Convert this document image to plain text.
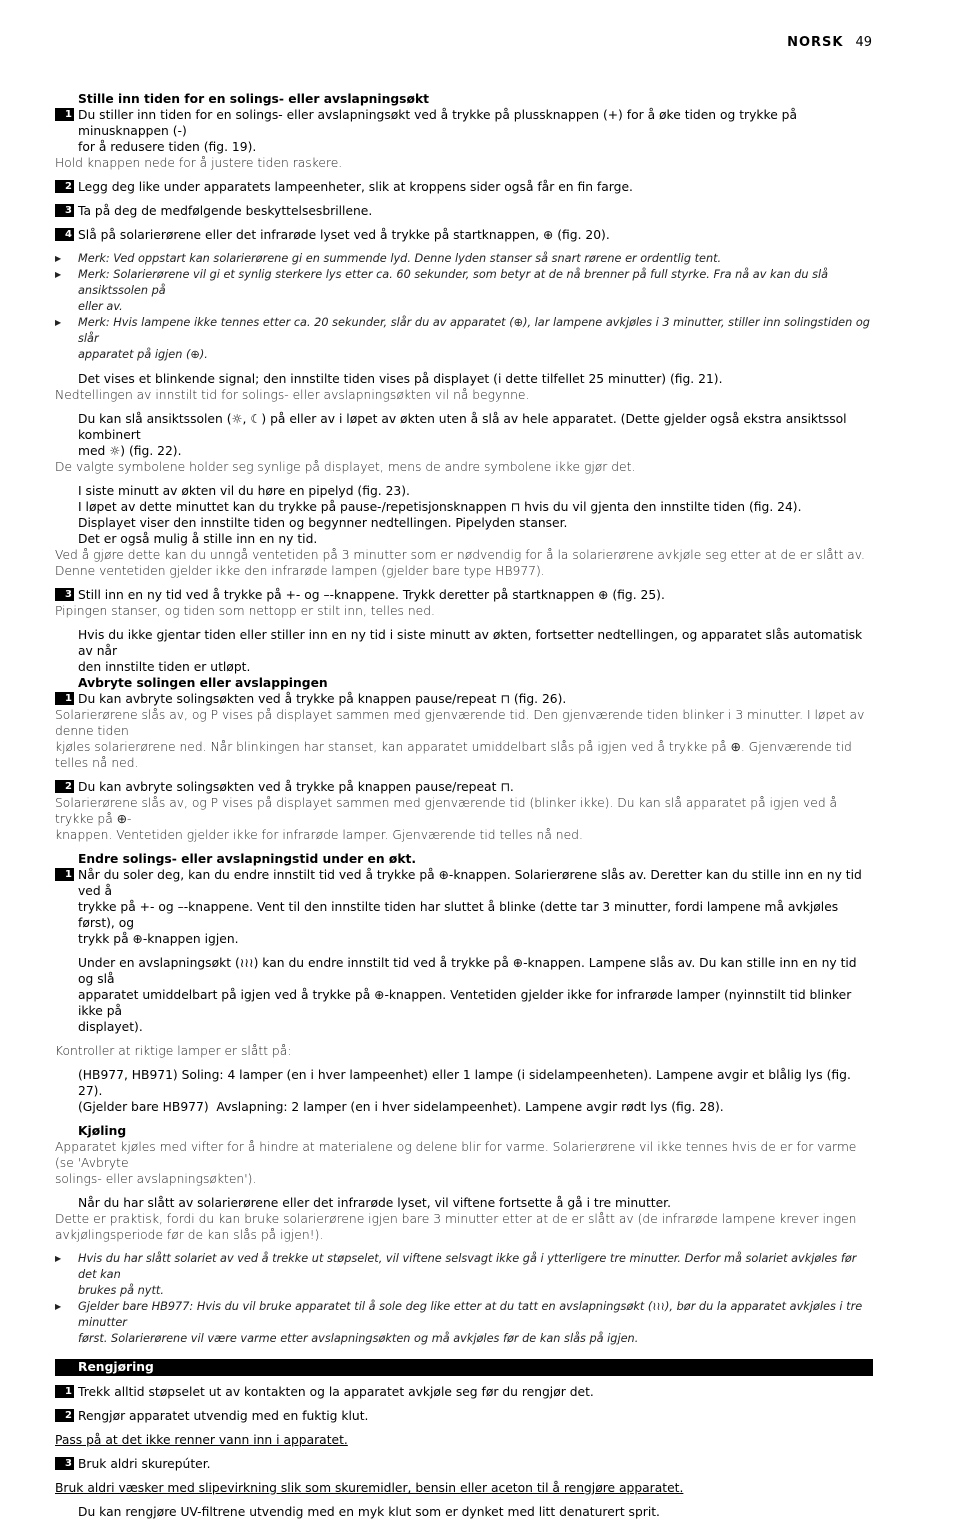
NORSK 49
Stille inn tiden for en solings- eller avslapningsøkt
1 Du stiller inn tiden for en solings- eller avslapningsøkt ved å trykke på plussknappen (+) for å øke tiden og trykke på minusknappen (-)
for å redusere tiden (fig. 19).
Hold knappen nede for å justere tiden raskere.
2 Legg deg like under apparatets lampeenheter, slik at kroppens sider også får en fin farge.
3 Ta på deg de medfølgende beskyttelsesbrillene.
4 Slå på solarierørene eller det infrarøde lyset ved å trykke på startknappen, ⊕ (fig. 20).
▶ Merk: Ved oppstart kan solarierørene gi en summende lyd. Denne lyden stanser så snart rørene er ordentlig tent.
▶ Merk: Solarierørene vil gi et synlig sterkere lys etter ca. 60 sekunder, som betyr at de nå brenner på full styrke. Fra nå av kan du slå ansiktssolen på
eller av.
▶ Merk: Hvis lampene ikke tennes etter ca. 20 sekunder, slår du av apparatet (⊕), lar lampene avkjøles i 3 minutter, stiller inn solingstiden og slår
apparatet på igjen (⊕).
Det vises et blinkende signal; den innstilte tiden vises på displayet (i dette tilfellet 25 minutter) (fig. 21).
Nedtellingen av innstilt tid for solings- eller avslapningsøkten vil nå begynne.
Du kan slå ansiktssolen (☼, ☾) på eller av i løpet av økten uten å slå av hele apparatet. (Dette gjelder også ekstra ansiktssol kombinert
med ☼) (fig. 22).
De valgte symbolene holder seg synlige på displayet, mens de andre symbolene ikke gjør det.
I siste minutt av økten vil du høre en pipelyd (fig. 23).
I løpet av dette minuttet kan du trykke på pause-/repetisjonsknappen ⊓ hvis du vil gjenta den innstilte tiden (fig. 24).
Displayet viser den innstilte tiden og begynner nedtellingen. Pipelyden stanser.
Det er også mulig å stille inn en ny tid.
Ved å gjøre dette kan du unngå ventetiden på 3 minutter som er nødvendig for å la solarierørene avkjøle seg etter at de er slått av.
Denne ventetiden gjelder ikke den infrarøde lampen (gjelder bare type HB977).
3 Still inn en ny tid ved å trykke på +- og –-knappene. Trykk deretter på startknappen ⊕ (fig. 25).
Pipingen stanser, og tiden som nettopp er stilt inn, telles ned.
Hvis du ikke gjentar tiden eller stiller inn en ny tid i siste minutt av økten, fortsetter nedtellingen, og apparatet slås automatisk av når
den innstilte tiden er utløpt.
Avbryte solingen eller avslappingen
1 Du kan avbryte solingsøkten ved å trykke på knappen pause/repeat ⊓ (fig. 26).
Solarierørene slås av, og P vises på displayet sammen med gjenværende tid. Den gjenværende tiden blinker i 3 minutter. I løpet av denne tiden
kjøles solarierørene ned. Når blinkingen har stanset, kan apparatet umiddelbart slås på igjen ved å trykke på ⊕. Gjenværende tid telles nå ned.
2 Du kan avbryte solingsøkten ved å trykke på knappen pause/repeat ⊓.
Solarierørene slås av, og P vises på displayet sammen med gjenværende tid (blinker ikke). Du kan slå apparatet på igjen ved å trykke på ⊕-
knappen. Ventetiden gjelder ikke for infrarøde lamper. Gjenværende tid telles nå ned.
Endre solings- eller avslapningstid under en økt.
1 Når du soler deg, kan du endre innstilt tid ved å trykke på ⊕-knappen. Solarierørene slås av. Deretter kan du stille inn en ny tid ved å
trykke på +- og –-knappene. Vent til den innstilte tiden har sluttet å blinke (dette tar 3 minutter, fordi lampene må avkjøles først), og
trykk på ⊕-knappen igjen.
Under en avslapningsøkt (≀≀≀) kan du endre innstilt tid ved å trykke på ⊕-knappen. Lampene slås av. Du kan stille inn en ny tid og slå
apparatet umiddelbart på igjen ved å trykke på ⊕-knappen. Ventetiden gjelder ikke for infrarøde lamper (nyinnstilt tid blinker ikke på
displayet).
Kontroller at riktige lamper er slått på:
(HB977, HB971) Soling: 4 lamper (en i hver lampeenhet) eller 1 lampe (i sidelampeenheten). Lampene avgir et blålig lys (fig. 27).
(Gjelder bare HB977)  Avslapning: 2 lamper (en i hver sidelampeenhet). Lampene avgir rødt lys (fig. 28).
Kjøling
Apparatet kjøles med vifter for å hindre at materialene og delene blir for varme. Solarierørene vil ikke tennes hvis de er for varme (se 'Avbryte
solings- eller avslapningsøkten').
Når du har slått av solarierørene eller det infrarøde lyset, vil viftene fortsette å gå i tre minutter.
Dette er praktisk, fordi du kan bruke solarierørene igjen bare 3 minutter etter at de er slått av (de infrarøde lampene krever ingen
avkjølingsperiode før de kan slås på igjen!).
▶ Hvis du har slått solariet av ved å trekke ut støpselet, vil viftene selsvagt ikke gå i ytterligere tre minutter. Derfor må solariet avkjøles før det kan
brukes på nytt.
▶ Gjelder bare HB977: Hvis du vil bruke apparatet til å sole deg like etter at du tatt en avslapningsøkt (≀≀≀), bør du la apparatet avkjøles i tre minutter
først. Solarierørene vil være varme etter avslapningsøkten og må avkjøles før de kan slås på igjen.
Rengjøring
1 Trekk alltid støpselet ut av kontakten og la apparatet avkjøle seg før du rengjør det.
2 Rengjør apparatet utvendig med en fuktig klut.
Pass på at det ikke renner vann inn i apparatet.
3 Bruk aldri skurepúter.
Bruk aldri væsker med slipevirkning slik som skuremidler, bensin eller aceton til å rengjøre apparatet.
Du kan rengjøre UV-filtrene utvendig med en myk klut som er dynket med litt denaturert sprit.
